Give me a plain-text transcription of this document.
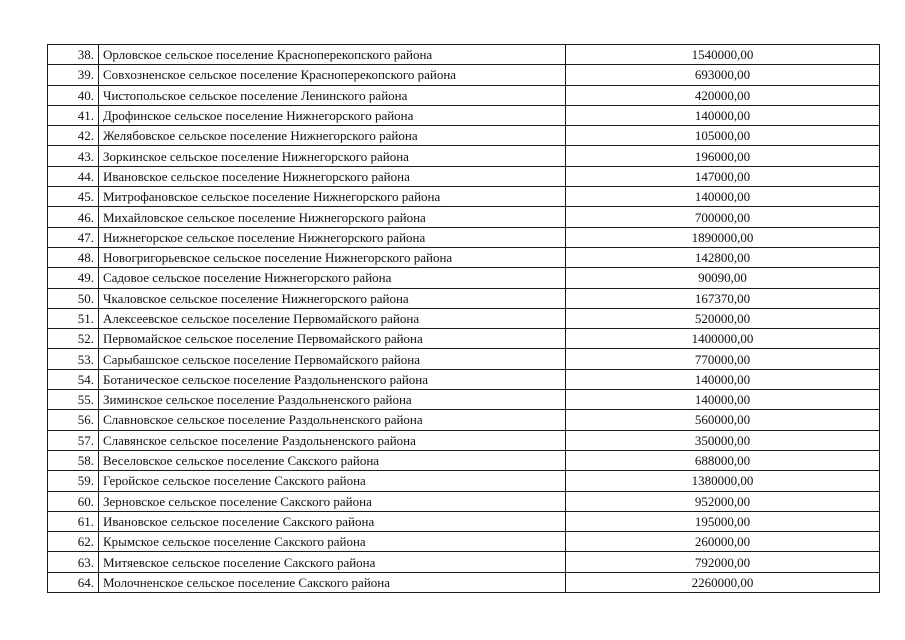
38.	Орловское сельское поселение Красноперекопского района	1540000,00
39.	Совхозненское сельское поселение Красноперекопского района	693000,00
40.	Чистопольское сельское поселение Ленинского района	420000,00
41.	Дрофинское сельское поселение Нижнегорского района	140000,00
42.	Желябовское сельское поселение Нижнегорского района	105000,00
43.	Зоркинское сельское поселение Нижнегорского района	196000,00
44.	Ивановское сельское поселение Нижнегорского района	147000,00
45.	Митрофановское сельское поселение Нижнегорского района	140000,00
46.	Михайловское сельское поселение Нижнегорского района	700000,00
47.	Нижнегорское сельское поселение Нижнегорского района	1890000,00
48.	Новогригорьевское сельское поселение Нижнегорского района	142800,00
49.	Садовое сельское поселение Нижнегорского района	90090,00
50.	Чкаловское сельское поселение Нижнегорского района	167370,00
51.	Алексеевское сельское поселение Первомайского района	520000,00
52.	Первомайское сельское поселение Первомайского района	1400000,00
53.	Сарыбашское сельское поселение Первомайского района	770000,00
54.	Ботаническое сельское поселение Раздольненского района	140000,00
55.	Зиминское сельское поселение Раздольненского района	140000,00
56.	Славновское сельское поселение Раздольненского района	560000,00
57.	Славянское сельское поселение Раздольненского района	350000,00
58.	Веселовское сельское поселение Сакского района	688000,00
59.	Геройское сельское поселение Сакского района	1380000,00
60.	Зерновское сельское поселение Сакского района	952000,00
61.	Ивановское сельское поселение Сакского района	195000,00
62.	Крымское сельское поселение Сакского района	260000,00
63.	Митяевское сельское поселение Сакского района	792000,00
64.	Молочненское сельское поселение Сакского района	2260000,00
